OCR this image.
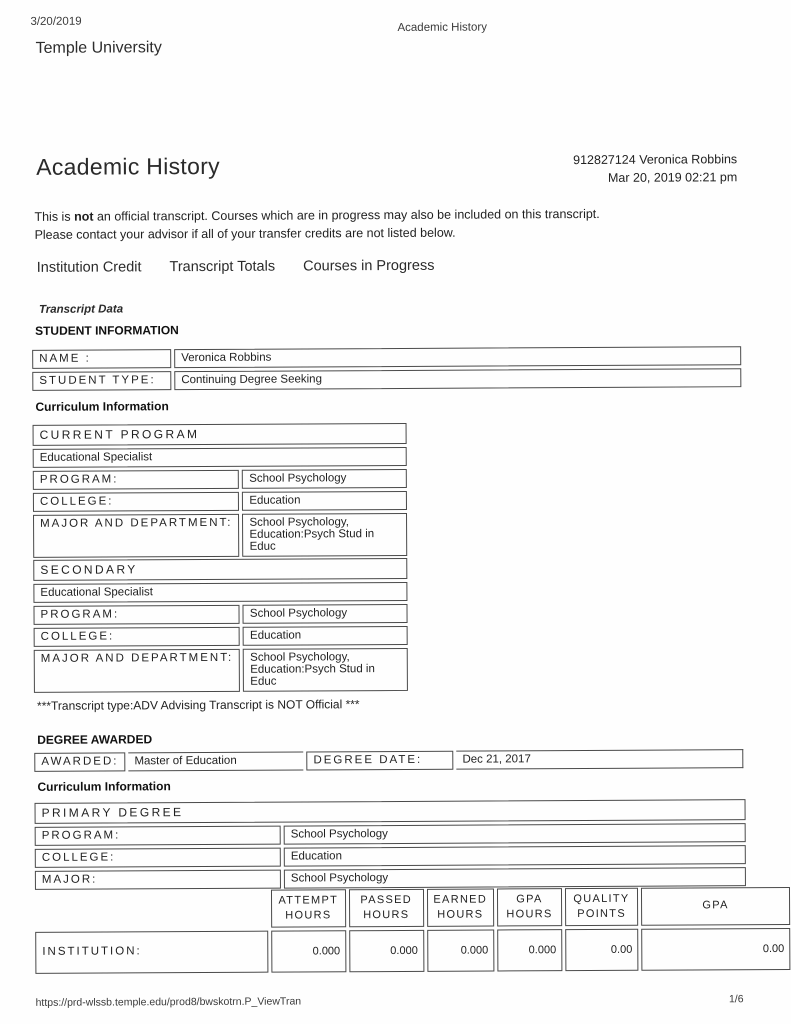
3/20/2019	Academic History
Temple University
Academic History	912827124 Veronica Robbins
Mar 20, 2019 02:21 pm
This is not an official transcript. Courses which are in progress may also be included on this transcript.
Please contact your advisor if all of your transfer credits are not listed below.
Institution Credit Transcript Totals Courses in Progress
Transcript Data
STUDENT INFORMATION
NAME :	Veronica Robbins
STUDENT TYPE:	Continuing Degree Seeking
Curriculum Information
CURRENT PROGRAM	
Educational Specialist	
PROGRAM:	School Psychology
COLLEGE:	Education
MAJOR AND DEPARTMENT:	School Psychology, Education:Psych Stud in Educ
SECONDARY	
Educational Specialist	
PROGRAM:	School Psychology
COLLEGE:	Education
MAJOR AND DEPARTMENT:	School Psychology, Education:Psych Stud in Educ
***Transcript type:ADV Advising Transcript is NOT Official ***
DEGREE AWARDED
AWARDED:	Master of Education	DEGREE DATE:	Dec 21, 2017
Curriculum Information
PRIMARY DEGREE	
PROGRAM:	School Psychology
COLLEGE:	Education
MAJOR:	School Psychology
	ATTEMPT HOURS	PASSED HOURS	EARNED HOURS	GPA HOURS	QUALITY POINTS	GPA
INSTITUTION:	0.000	0.000	0.000	0.000	0.00	0.00
https://prd-wlssb.temple.edu/prod8/bwskotrn.P_ViewTran	1/6
